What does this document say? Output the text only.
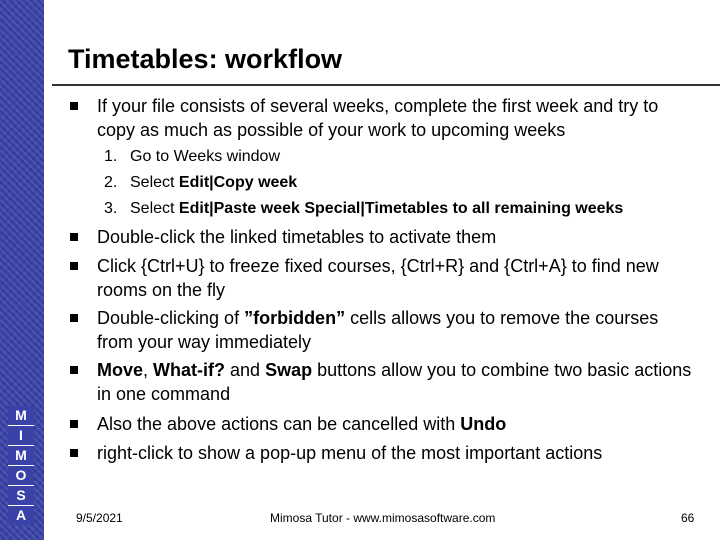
M
I
M
O
S
A
Timetables: workflow
If your file consists of several weeks, complete the first week and try to copy as much as possible of your work to upcoming weeks
1. Go to Weeks window
2. Select Edit|Copy week
3. Select Edit|Paste week Special|Timetables to all remaining weeks
Double-click the linked timetables to activate them
Click {Ctrl+U} to freeze fixed courses, {Ctrl+R} and {Ctrl+A} to find new rooms on the fly
Double-clicking of ”forbidden” cells allows you to remove the courses from your way immediately
Move, What-if? and Swap buttons allow you to combine two basic actions in one command
Also the above actions can be cancelled with Undo
right-click to show a pop-up menu of the most important actions
9/5/2021	Mimosa Tutor - www.mimosasoftware.com	66
